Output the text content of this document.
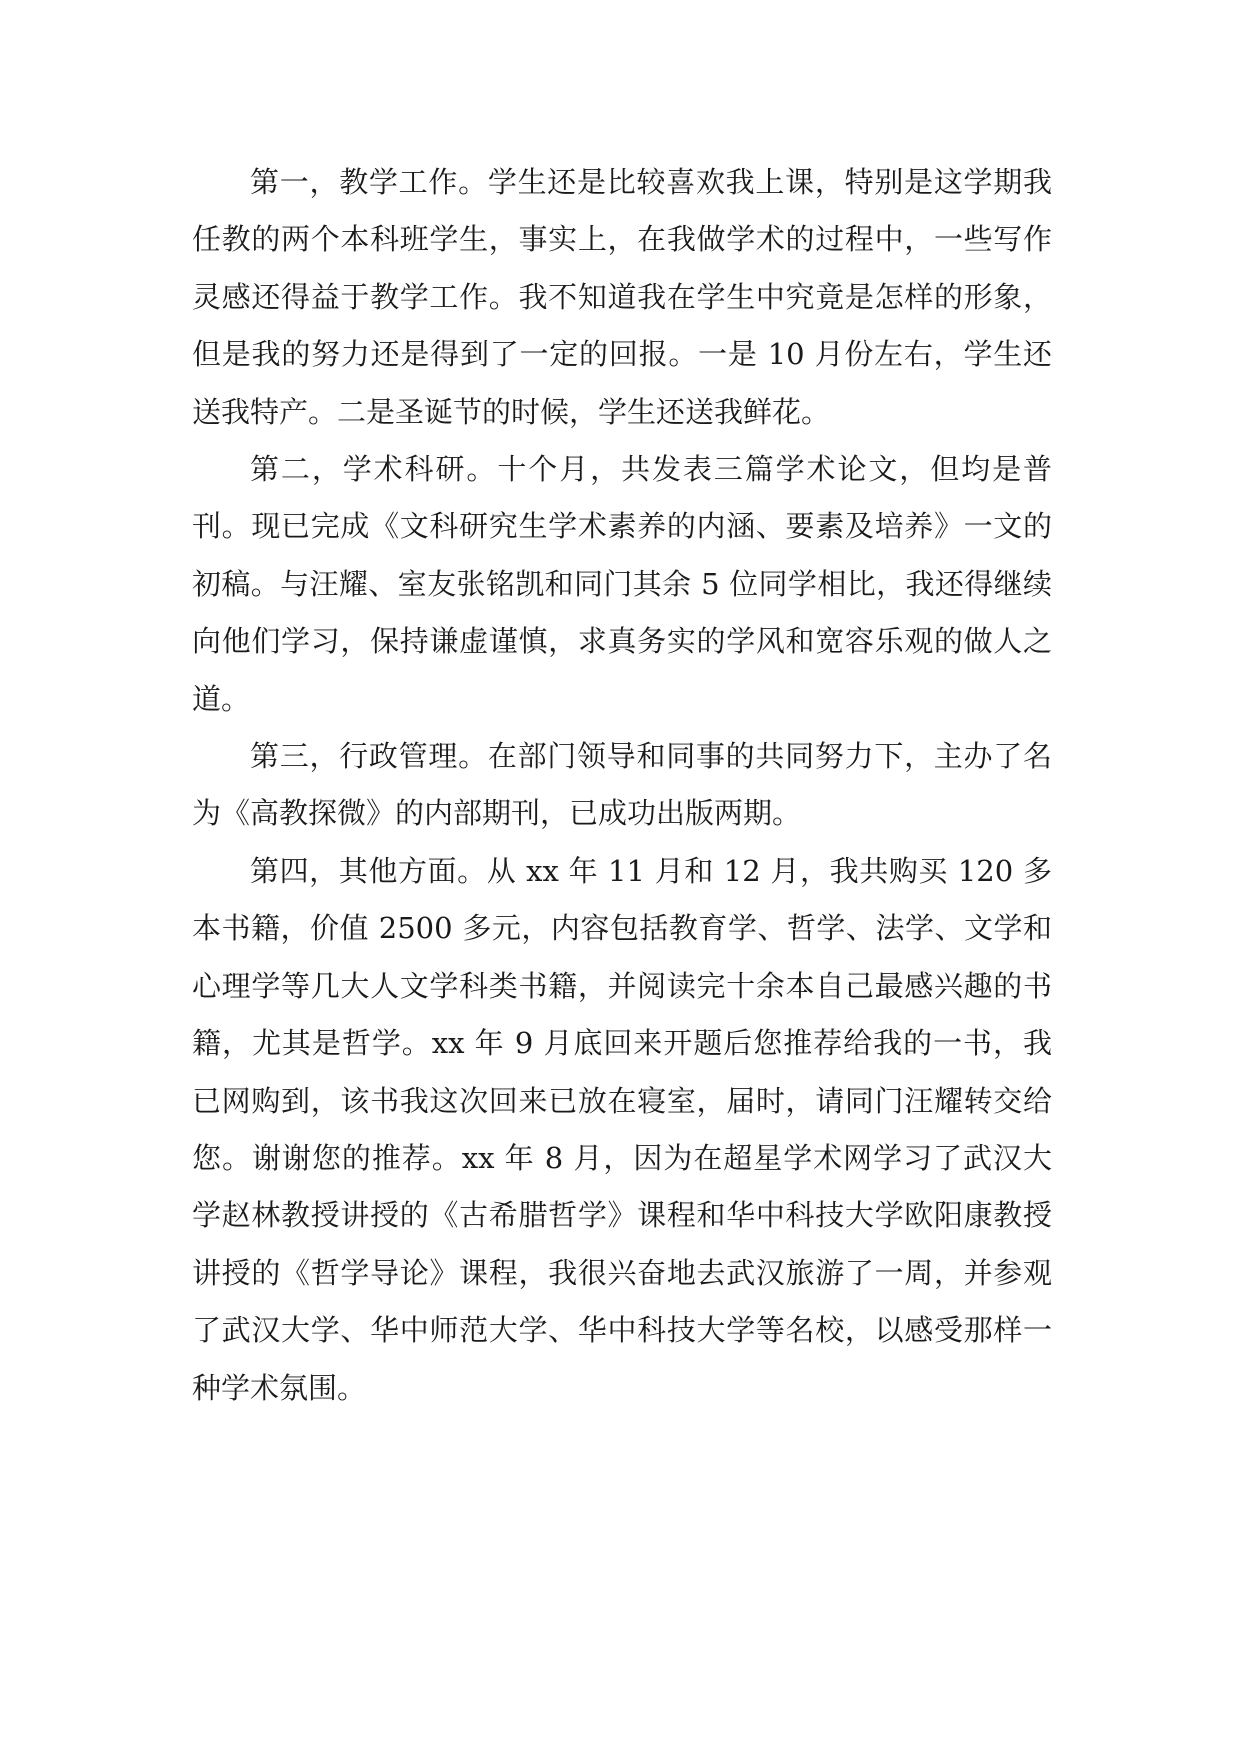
第一，教学工作。学生还是比较喜欢我上课，特别是这学期我任教的两个本科班学生，事实上，在我做学术的过程中，一些写作灵感还得益于教学工作。我不知道我在学生中究竟是怎样的形象，但是我的努力还是得到了一定的回报。一是 10 月份左右，学生还送我特产。二是圣诞节的时候，学生还送我鲜花。

第二，学术科研。十个月，共发表三篇学术论文，但均是普刊。现已完成《文科研究生学术素养的内涵、要素及培养》一文的初稿。与汪耀、室友张铭凯和同门其余 5 位同学相比，我还得继续向他们学习，保持谦虚谨慎，求真务实的学风和宽容乐观的做人之道。

第三，行政管理。在部门领导和同事的共同努力下，主办了名为《高教探微》的内部期刊，已成功出版两期。

第四，其他方面。从 xx 年 11 月和 12 月，我共购买 120 多本书籍，价值 2500 多元，内容包括教育学、哲学、法学、文学和心理学等几大人文学科类书籍，并阅读完十余本自己最感兴趣的书籍，尤其是哲学。xx 年 9 月底回来开题后您推荐给我的一书，我已网购到，该书我这次回来已放在寝室，届时，请同门汪耀转交给您。谢谢您的推荐。xx 年 8 月，因为在超星学术网学习了武汉大学赵林教授讲授的《古希腊哲学》课程和华中科技大学欧阳康教授讲授的《哲学导论》课程，我很兴奋地去武汉旅游了一周，并参观了武汉大学、华中师范大学、华中科技大学等名校，以感受那样一种学术氛围。
